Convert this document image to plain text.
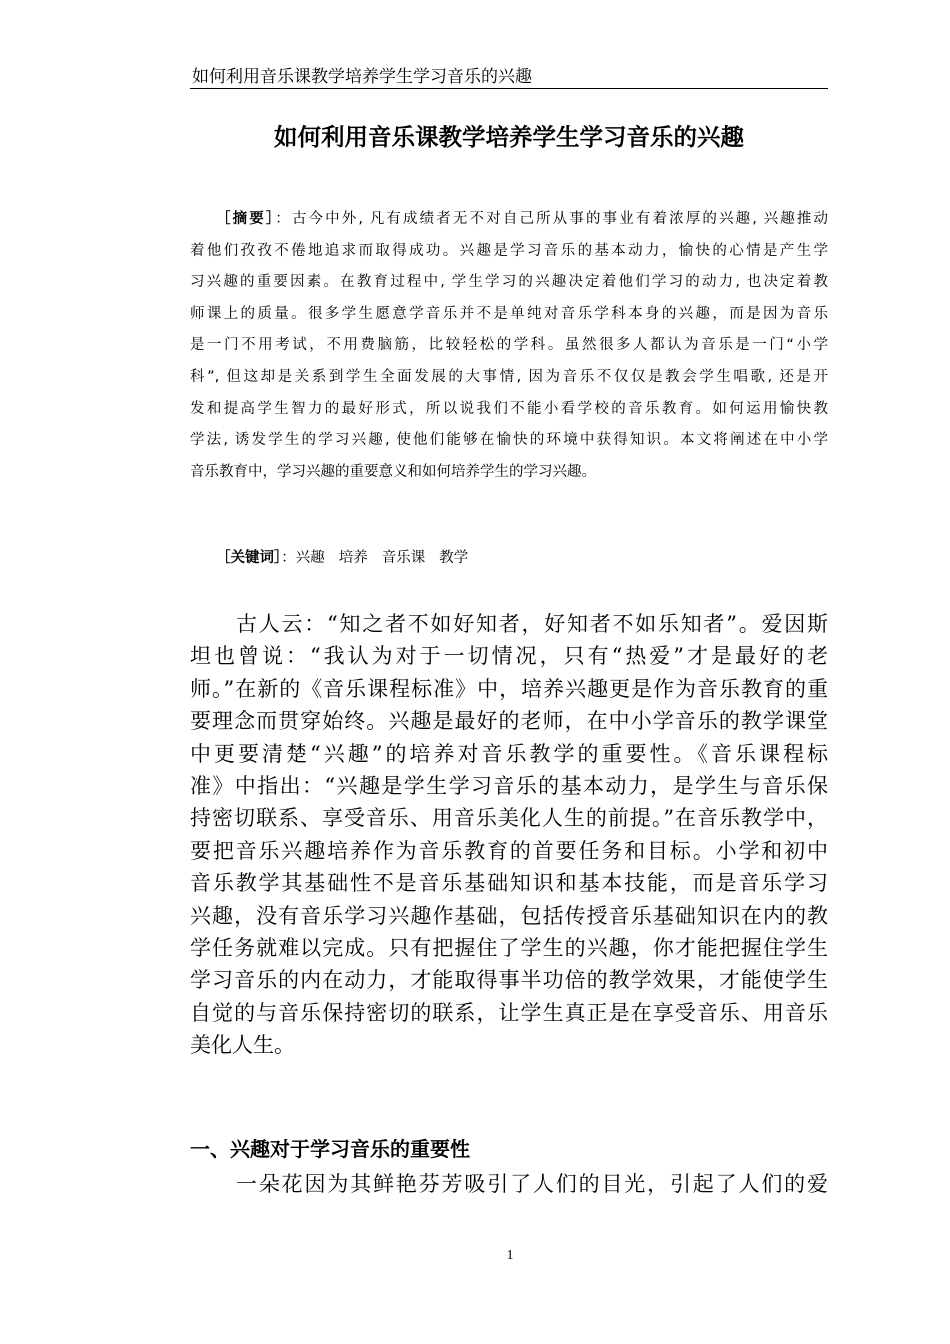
如何利用音乐课教学培养学生学习音乐的兴趣
如何利用音乐课教学培养学生学习音乐的兴趣
［摘要］：古今中外, 凡有成绩者无不对自己所从事的事业有着浓厚的兴趣, 兴趣推动
着他们孜孜不倦地追求而取得成功。兴趣是学习音乐的基本动力，愉快的心情是产生学
习兴趣的重要因素。在教育过程中, 学生学习的兴趣决定着他们学习的动力, 也决定着教
师课上的质量。很多学生愿意学音乐并不是单纯对音乐学科本身的兴趣，而是因为音乐
是一门不用考试，不用费脑筋，比较轻松的学科。虽然很多人都认为音乐是一门“小学
科”, 但这却是关系到学生全面发展的大事情, 因为音乐不仅仅是教会学生唱歌, 还是开
发和提高学生智力的最好形式，所以说我们不能小看学校的音乐教育。如何运用愉快教
学法, 诱发学生的学习兴趣, 使他们能够在愉快的环境中获得知识。本文将阐述在中小学
音乐教育中，学习兴趣的重要意义和如何培养学生的学习兴趣。
［关键词］：兴趣 培养 音乐课 教学
古人云：“知之者不如好知者，好知者不如乐知者”。爱因斯
坦也曾说：“我认为对于一切情况，只有“热爱”才是最好的老
师。”在新的《音乐课程标准》中，培养兴趣更是作为音乐教育的重
要理念而贯穿始终。兴趣是最好的老师，在中小学音乐的教学课堂
中更要清楚“兴趣”的培养对音乐教学的重要性。《音乐课程标
准》中指出：“兴趣是学生学习音乐的基本动力，是学生与音乐保
持密切联系、享受音乐、用音乐美化人生的前提。”在音乐教学中，
要把音乐兴趣培养作为音乐教育的首要任务和目标。小学和初中
音乐教学其基础性不是音乐基础知识和基本技能，而是音乐学习
兴趣，没有音乐学习兴趣作基础，包括传授音乐基础知识在内的教
学任务就难以完成。只有把握住了学生的兴趣，你才能把握住学生
学习音乐的内在动力，才能取得事半功倍的教学效果，才能使学生
自觉的与音乐保持密切的联系，让学生真正是在享受音乐、用音乐
美化人生。
一、兴趣对于学习音乐的重要性
一朵花因为其鲜艳芬芳吸引了人们的目光，引起了人们的爱
1
